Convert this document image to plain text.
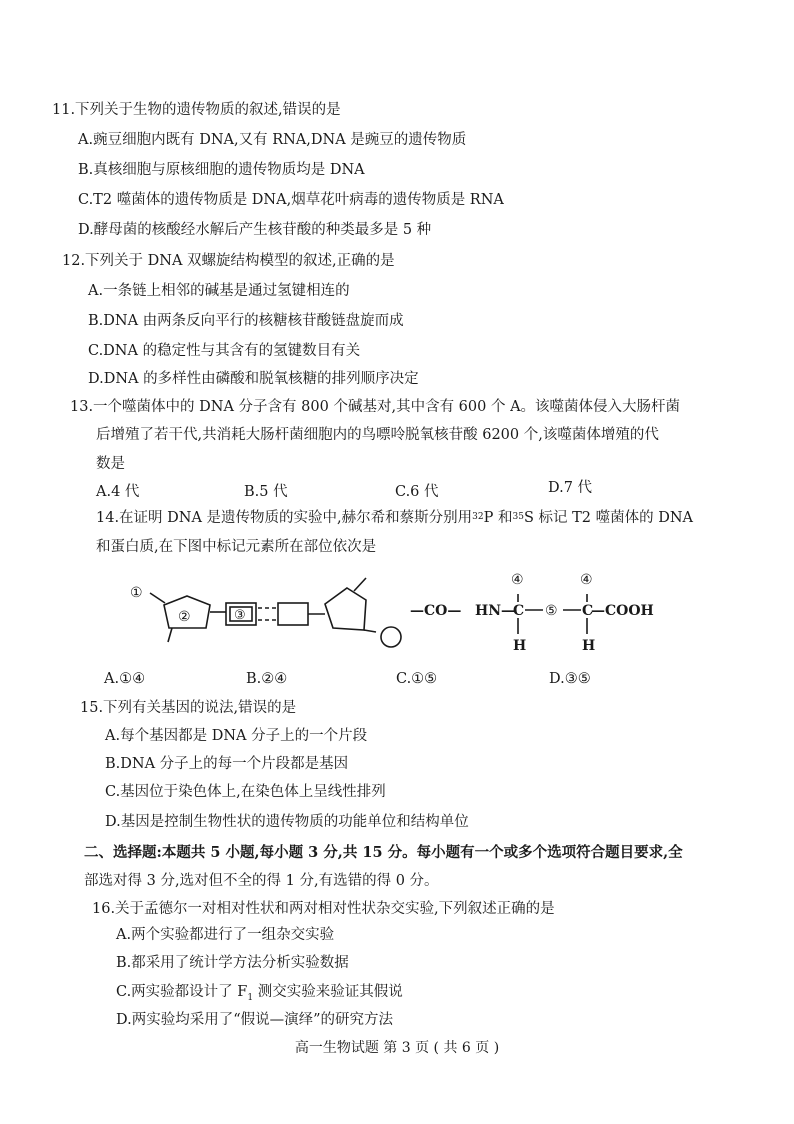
11.下列关于生物的遗传物质的叙述,错误的是
A.豌豆细胞内既有 DNA,又有 RNA,DNA 是豌豆的遗传物质
B.真核细胞与原核细胞的遗传物质均是 DNA
C.T2 噬菌体的遗传物质是 DNA,烟草花叶病毒的遗传物质是 RNA
D.酵母菌的核酸经水解后产生核苷酸的种类最多是 5 种
12.下列关于 DNA 双螺旋结构模型的叙述,正确的是
A.一条链上相邻的碱基是通过氢键相连的
B.DNA 由两条反向平行的核糖核苷酸链盘旋而成
C.DNA 的稳定性与其含有的氢键数目有关
D.DNA 的多样性由磷酸和脱氧核糖的排列顺序决定
13.一个噬菌体中的 DNA 分子含有 800 个碱基对,其中含有 600 个 A。该噬菌体侵入大肠杆菌
后增殖了若干代,共消耗大肠杆菌细胞内的鸟嘌呤脱氧核苷酸 6200 个,该噬菌体增殖的代
数是
A.4 代	B.5 代	C.6 代	D.7 代
14.在证明 DNA 是遗传物质的实验中,赫尔希和蔡斯分别用$^{32}$P 和$^{35}$S 标记 T2 噬菌体的 DNA
和蛋白质,在下图中标记元素所在部位依次是
①
②	③
④	④
⑤
—CO— HN—
C	C
—COOH
H	H
A.①④	B.②④	C.①⑤	D.③⑤
15.下列有关基因的说法,错误的是
A.每个基因都是 DNA 分子上的一个片段
B.DNA 分子上的每一个片段都是基因
C.基因位于染色体上,在染色体上呈线性排列
D.基因是控制生物性状的遗传物质的功能单位和结构单位
二、选择题:本题共 5 小题,每小题 3 分,共 15 分。每小题有一个或多个选项符合题目要求,全
部选对得 3 分,选对但不全的得 1 分,有选错的得 0 分。
16.关于孟德尔一对相对性状和两对相对性状杂交实验,下列叙述正确的是
A.两个实验都进行了一组杂交实验
B.都采用了统计学方法分析实验数据
C.两实验都设计了 $F_1$ 测交实验来验证其假说
D.两实验均采用了“假说—演绎”的研究方法
高一生物试题 第 3 页 ( 共 6 页 )
